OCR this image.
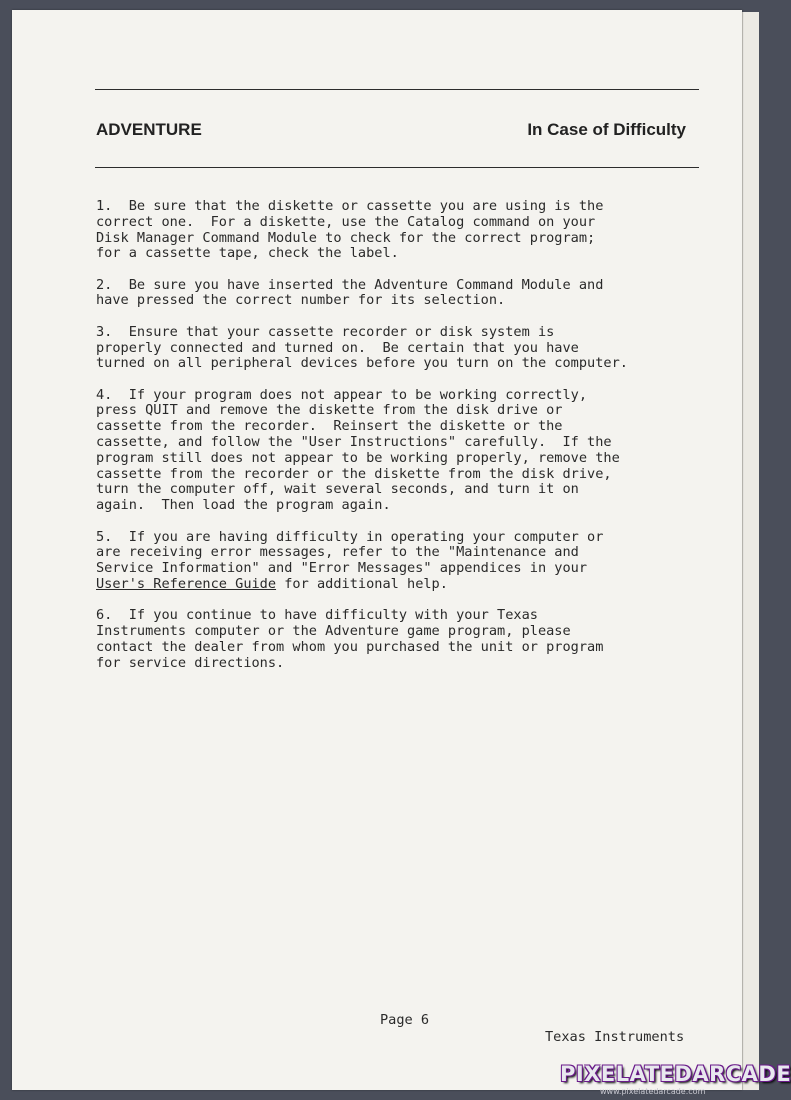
ADVENTURE	In Case of Difficulty

1.  Be sure that the diskette or cassette you are using is the
correct one.  For a diskette, use the Catalog command on your
Disk Manager Command Module to check for the correct program;
for a cassette tape, check the label.

2.  Be sure you have inserted the Adventure Command Module and
have pressed the correct number for its selection.

3.  Ensure that your cassette recorder or disk system is
properly connected and turned on.  Be certain that you have
turned on all peripheral devices before you turn on the computer.

4.  If your program does not appear to be working correctly,
press QUIT and remove the diskette from the disk drive or
cassette from the recorder.  Reinsert the diskette or the
cassette, and follow the "User Instructions" carefully.  If the
program still does not appear to be working properly, remove the
cassette from the recorder or the diskette from the disk drive,
turn the computer off, wait several seconds, and turn it on
again.  Then load the program again.

5.  If you are having difficulty in operating your computer or
are receiving error messages, refer to the "Maintenance and
Service Information" and "Error Messages" appendices in your
User's Reference Guide for additional help.

6.  If you continue to have difficulty with your Texas
Instruments computer or the Adventure game program, please
contact the dealer from whom you purchased the unit or program
for service directions.

Page 6
Texas Instruments
PIXELATEDARCADE
www.pixelatedarcade.com
